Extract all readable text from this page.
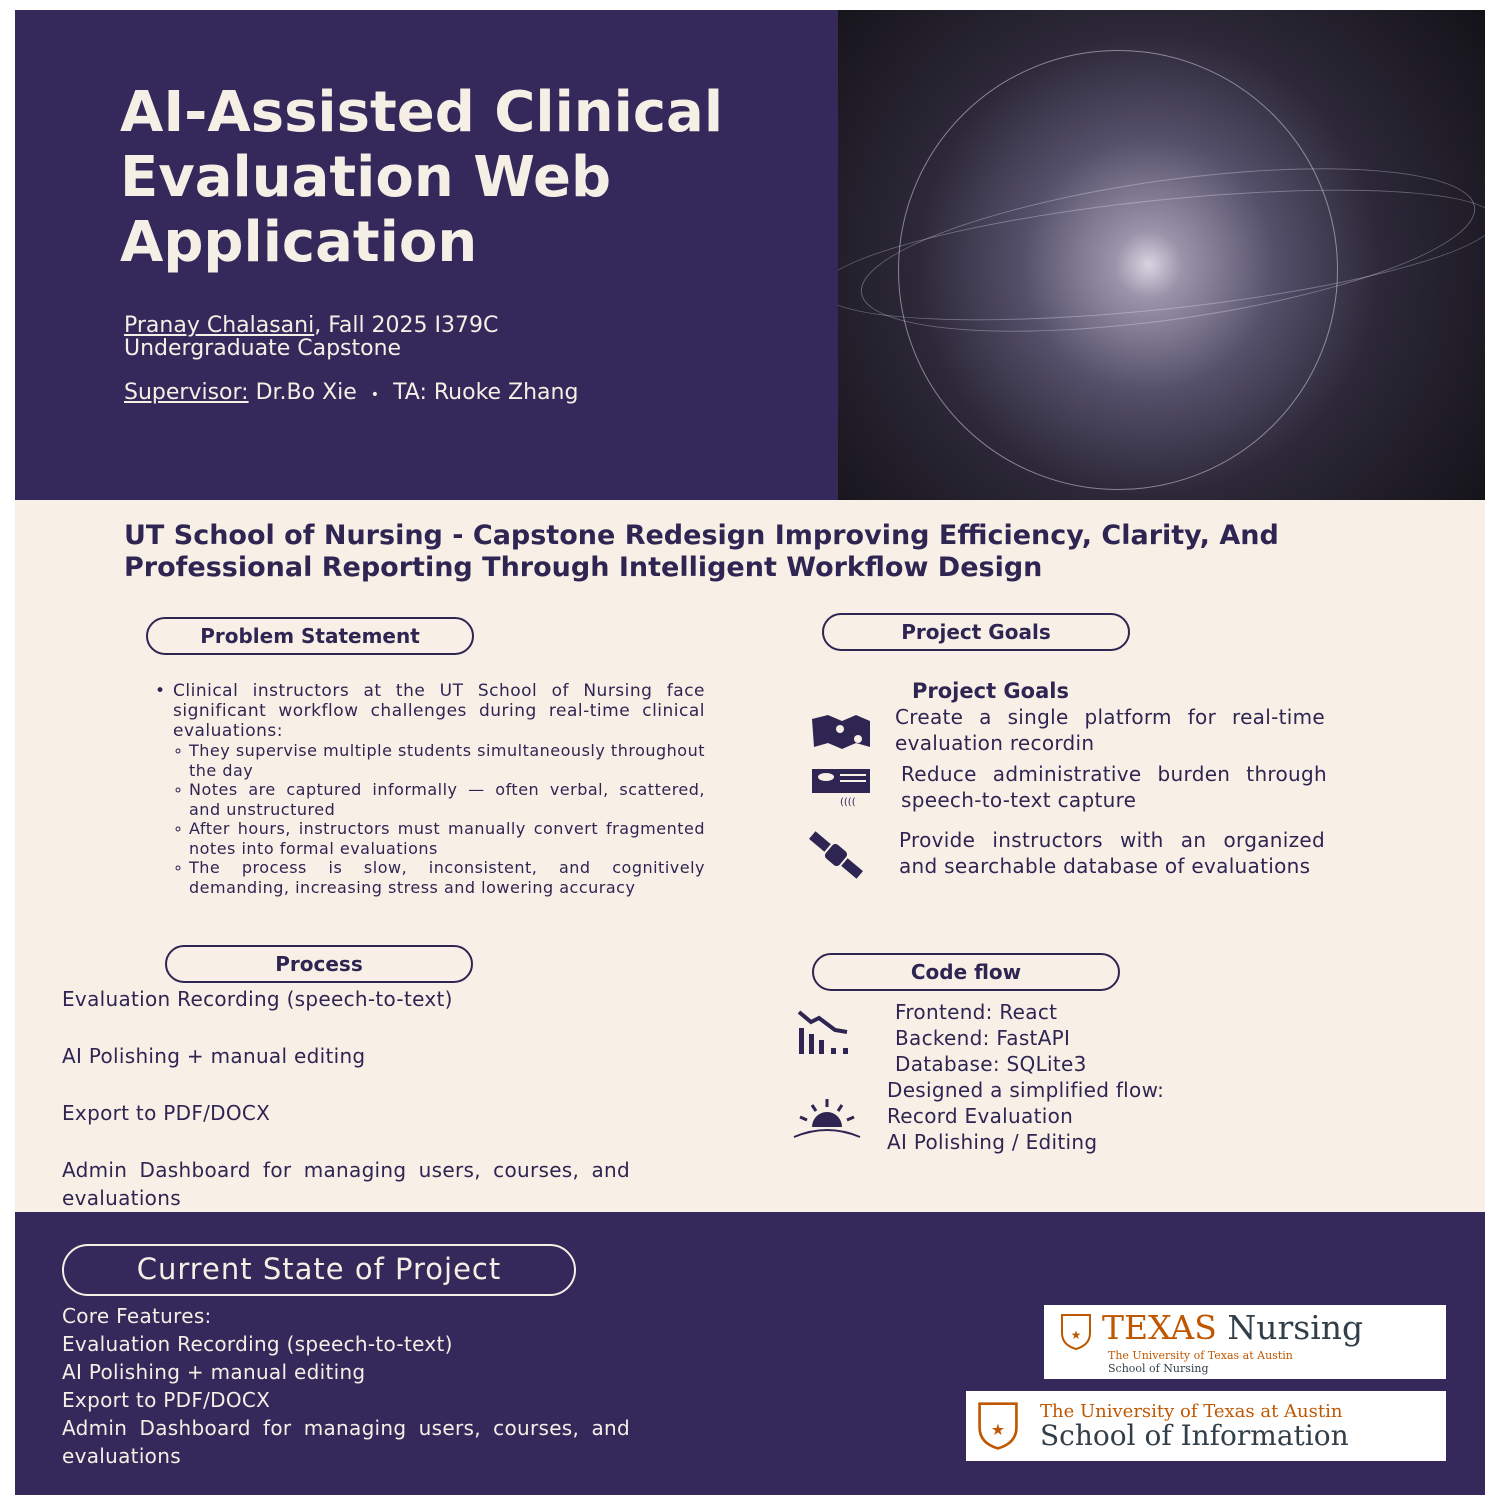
AI-Assisted Clinical Evaluation Web Application
Pranay Chalasani, Fall 2025 I379C
Undergraduate Capstone
Supervisor: Dr.Bo Xie • TA: Ruoke Zhang
UT School of Nursing - Capstone Redesign Improving Efficiency, Clarity, And Professional Reporting Through Intelligent Workflow Design
Problem Statement
• Clinical instructors at the UT School of Nursing face significant workflow challenges during real-time clinical evaluations:
∘ They supervise multiple students simultaneously throughout the day
∘ Notes are captured informally — often verbal, scattered, and unstructured
∘ After hours, instructors must manually convert fragmented notes into formal evaluations
∘ The process is slow, inconsistent, and cognitively demanding, increasing stress and lowering accuracy
Project Goals
Project Goals
Create a single platform for real-time evaluation recordin
((((
Reduce administrative burden through speech-to-text capture
Provide instructors with an organized and searchable database of evaluations
Process
Evaluation Recording (speech-to-text)
AI Polishing + manual editing
Export to PDF/DOCX
Admin Dashboard for managing users, courses, and evaluations
Code flow
Frontend: React
Backend: FastAPI
Database: SQLite3
Designed a simplified flow:
Record Evaluation
AI Polishing / Editing
Current State of Project
Core Features:
Evaluation Recording (speech-to-text)
AI Polishing + manual editing
Export to PDF/DOCX
Admin Dashboard for managing users, courses, and evaluations
★ TEXAS Nursing
The University of Texas at Austin
School of Nursing
★
The University of Texas at Austin
School of Information
